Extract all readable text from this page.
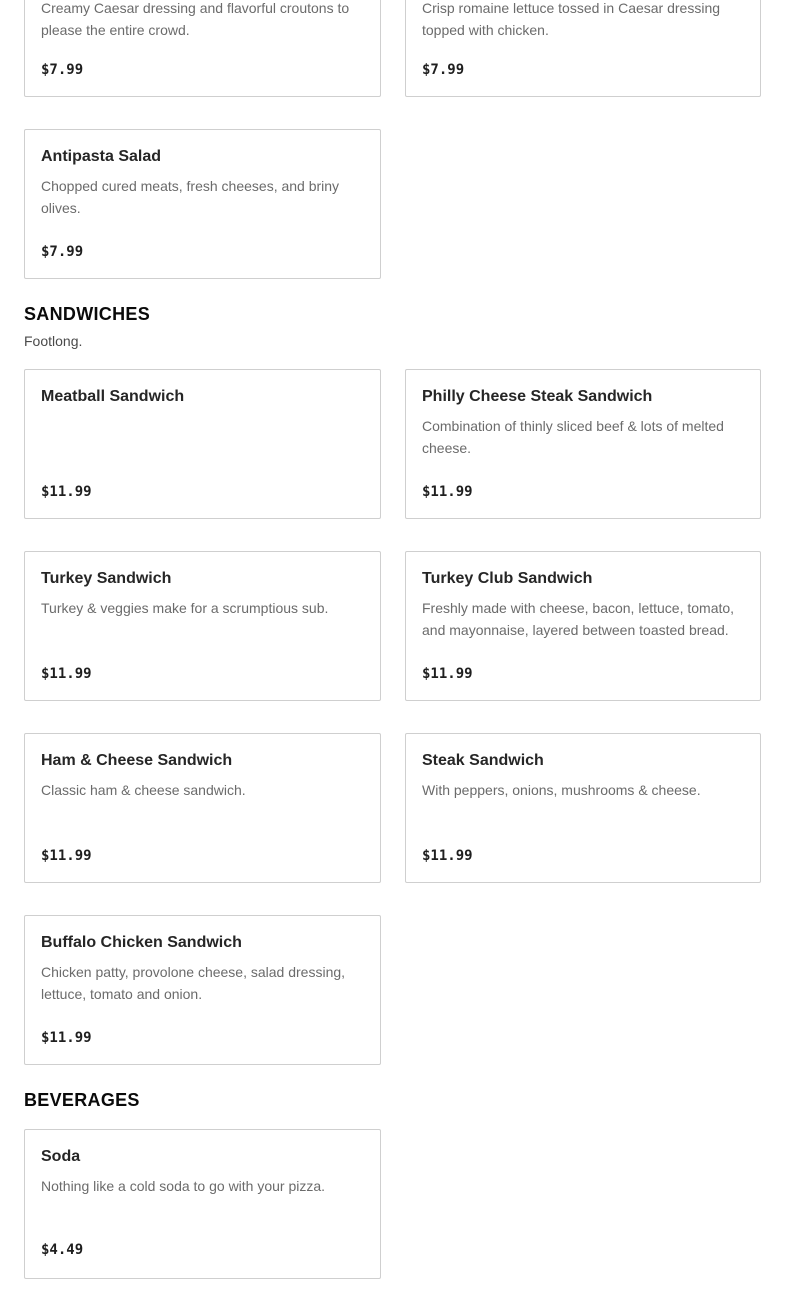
Creamy Caesar dressing and flavorful croutons to please the entire crowd.
$7.99
Crisp romaine lettuce tossed in Caesar dressing topped with chicken.
$7.99
Antipasta Salad
Chopped cured meats, fresh cheeses, and briny olives.
$7.99
SANDWICHES

Footlong.

Meatball Sandwich
$11.99
Philly Cheese Steak Sandwich
Combination of thinly sliced beef & lots of melted cheese.
$11.99
Turkey Sandwich
Turkey & veggies make for a scrumptious sub.
$11.99
Turkey Club Sandwich
Freshly made with cheese, bacon, lettuce, tomato, and mayonnaise, layered between toasted bread.
$11.99
Ham & Cheese Sandwich
Classic ham & cheese sandwich.
$11.99
Steak Sandwich
With peppers, onions, mushrooms & cheese.
$11.99
Buffalo Chicken Sandwich
Chicken patty, provolone cheese, salad dressing, lettuce, tomato and onion.
$11.99
BEVERAGES
Soda
Nothing like a cold soda to go with your pizza.
$4.49
